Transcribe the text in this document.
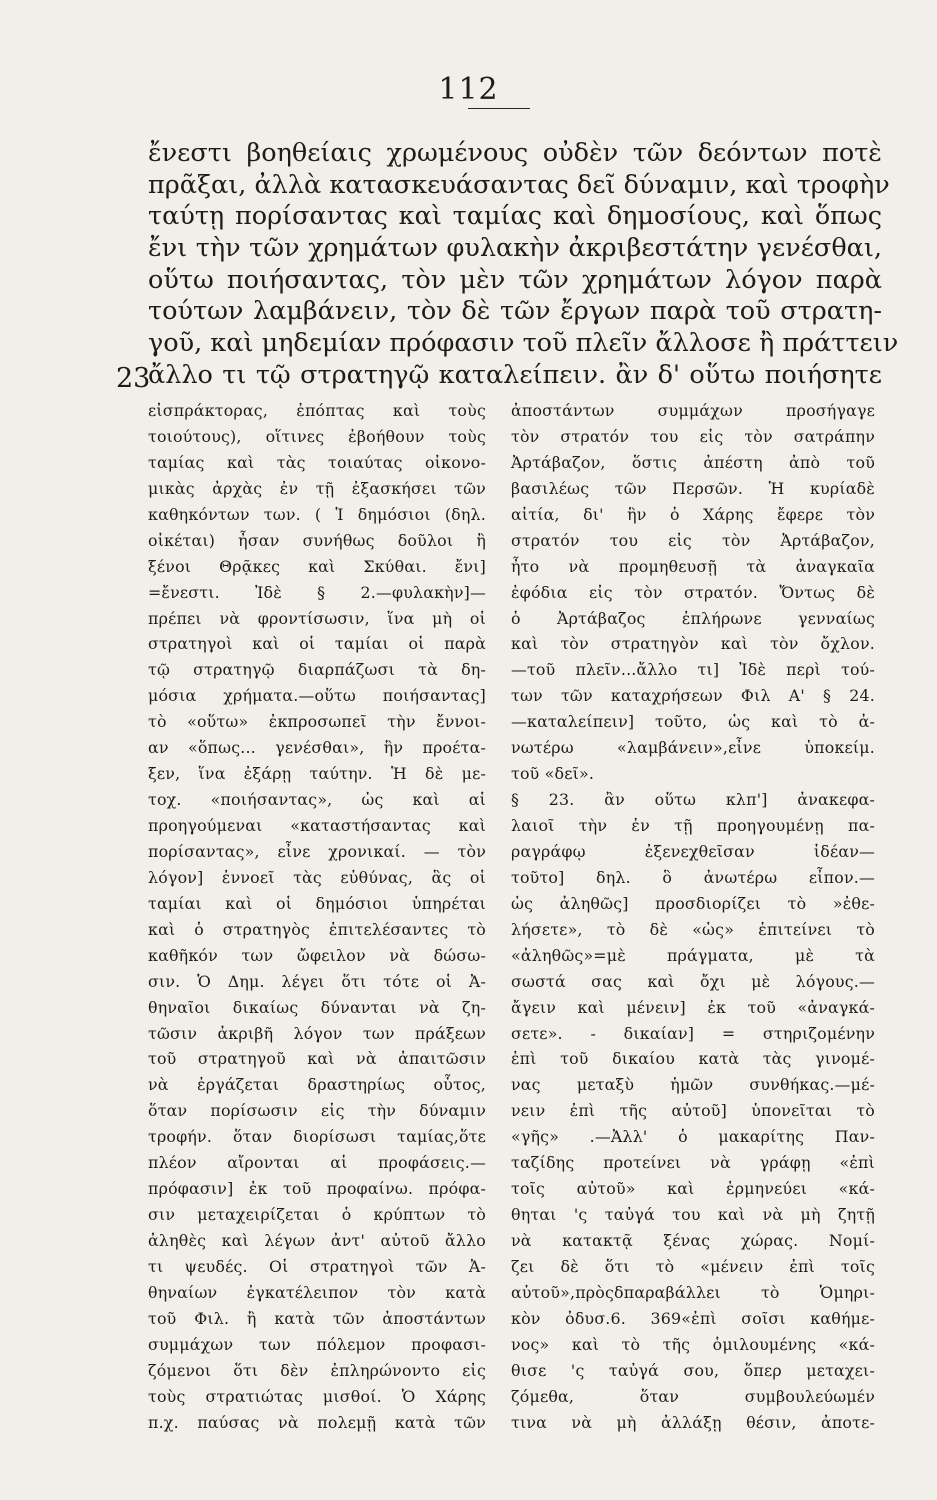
112
23
ἔνεστι βοηθείαις χρωμένους οὐδὲν τῶν δεόντων ποτὲ
πρᾶξαι, ἀλλὰ κατασκευάσαντας δεῖ δύναμιν, καὶ τροφὴν
ταύτῃ πορίσαντας καὶ ταμίας καὶ δημοσίους, καὶ ὅπως
ἔνι τὴν τῶν χρημάτων φυλακὴν ἀκριβεστάτην γενέσθαι,
οὕτω ποιήσαντας, τὸν μὲν τῶν χρημάτων λόγον παρὰ
τούτων λαμβάνειν, τὸν δὲ τῶν ἔργων παρὰ τοῦ στρατη-
γοῦ, καὶ μηδεμίαν πρόφασιν τοῦ πλεῖν ἄλλοσε ἢ πράττειν
ἄλλο τι τῷ στρατηγῷ καταλείπειν. ἂν δ' οὕτω ποιήσητε
εἰσπράκτορας, ἐπόπτας καὶ τοὺς
τοιούτους), οἵτινες ἐβοήθουν τοὺς
ταμίας καὶ τὰς τοιαύτας οἰκονο-
μικὰς ἀρχὰς ἐν τῇ ἐξασκήσει τῶν
καθηκόντων των. ( Ἱ δημόσιοι (δηλ.
οἰκέται) ἦσαν συνήθως δοῦλοι ἢ
ξένοι Θρᾷκες καὶ Σκύθαι. ἔνι]
=ἔνεστι. Ἰδὲ § 2.—φυλακὴν]—
πρέπει νὰ φροντίσωσιν, ἵνα μὴ οἱ
στρατηγοὶ καὶ οἱ ταμίαι οἱ παρὰ
τῷ στρατηγῷ διαρπάζωσι τὰ δη-
μόσια χρήματα.—οὕτω ποιήσαντας]
τὸ «οὕτω» ἐκπροσωπεῖ τὴν ἔννοι-
αν «ὅπως... γενέσθαι», ἣν προέτα-
ξεν, ἵνα ἐξάρῃ ταύτην. Ἡ δὲ με-
τοχ. «ποιήσαντας», ὡς καὶ αἱ
προηγούμεναι «καταστήσαντας καὶ
πορίσαντας», εἶνε χρονικαί. — τὸν
λόγον] ἐννοεῖ τὰς εὐθύνας, ἃς οἱ
ταμίαι καὶ οἱ δημόσιοι ὑπηρέται
καὶ ὁ στρατηγὸς ἐπιτελέσαντες τὸ
καθῆκόν των ὤφειλον νὰ δώσω-
σιν. Ὁ Δημ. λέγει ὅτι τότε οἱ Ἀ-
θηναῖοι δικαίως δύνανται νὰ ζη-
τῶσιν ἀκριβῆ λόγον των πράξεων
τοῦ στρατηγοῦ καὶ νὰ ἀπαιτῶσιν
νὰ ἐργάζεται δραστηρίως οὗτος,
ὅταν πορίσωσιν εἰς τὴν δύναμιν
τροφήν. ὅταν διορίσωσι ταμίας,ὅτε
πλέον αἴρονται αἱ προφάσεις.—
πρόφασιν] ἐκ τοῦ προφαίνω. πρόφα-
σιν μεταχειρίζεται ὁ κρύπτων τὸ
ἀληθὲς καὶ λέγων ἀντ' αὐτοῦ ἄλλο
τι ψευδές. Οἱ στρατηγοὶ τῶν Ἀ-
θηναίων ἐγκατέλειπον τὸν κατὰ
τοῦ Φιλ. ἢ κατὰ τῶν ἀποστάντων
συμμάχων των πόλεμον προφασι-
ζόμενοι ὅτι δὲν ἐπληρώνοντο εἰς
τοὺς στρατιώτας μισθοί. Ὁ Χάρης
π.χ. παύσας νὰ πολεμῇ κατὰ τῶν
ἀποστάντων συμμάχων προσήγαγε
τὸν στρατόν του εἰς τὸν σατράπην
Ἀρτάβαζον, ὅστις ἀπέστη ἀπὸ τοῦ
βασιλέως τῶν Περσῶν. Ἡ κυρίαδὲ
αἰτία, δι' ἣν ὁ Χάρης ἔφερε τὸν
στρατόν του εἰς τὸν Ἀρτάβαζον,
ἦτο νὰ προμηθευσῇ τὰ ἀναγκαῖα
ἐφόδια εἰς τὸν στρατόν. Ὄντως δὲ
ὁ Ἀρτάβαζος ἐπλήρωνε γενναίως
καὶ τὸν στρατηγὸν καὶ τὸν ὄχλον.
—τοῦ πλεῖν...ἄλλο τι] Ἰδὲ περὶ τού-
των τῶν καταχρήσεων Φιλ Α' § 24.
—καταλείπειν] τοῦτο, ὡς καὶ τὸ ἀ-
νωτέρω «λαμβάνειν»,εἶνε ὑποκείμ.
τοῦ «δεῖ».
§ 23. ἂν οὕτω κλπ'] ἀνακεφα-
λαιοῖ τὴν ἐν τῇ προηγουμένῃ πα-
ραγράφῳ ἐξενεχθεῖσαν ἰδέαν—
τοῦτο] δηλ. ὃ ἀνωτέρω εἶπον.—
ὡς ἀληθῶς] προσδιορίζει τὸ »ἐθε-
λήσετε», τὸ δὲ «ὡς» ἐπιτείνει τὸ
«ἀληθῶς»=μὲ πράγματα, μὲ τὰ
σωστά σας καὶ ὄχι μὲ λόγους.—
ἄγειν καὶ μένειν] ἐκ τοῦ «ἀναγκά-
σετε». - δικαίαν] = στηριζομένην
ἐπὶ τοῦ δικαίου κατὰ τὰς γινομέ-
νας μεταξὺ ἡμῶν συνθήκας.—μέ-
νειν ἐπὶ τῆς αὐτοῦ] ὑπονεῖται τὸ
«γῆς» .—Ἀλλ' ὁ μακαρίτης Παν-
ταζίδης προτείνει νὰ γράφῃ «ἐπὶ
τοῖς αὐτοῦ» καὶ ἑρμηνεύει «κά-
θηται 'ς ταὐγά του καὶ νὰ μὴ ζητῇ
νὰ κατακτᾷ ξένας χώρας. Νομί-
ζει δὲ ὅτι τὸ «μένειν ἐπὶ τοῖς
αὐτοῦ»,πρὸςδπαραβάλλει τὸ Ὁμηρι-
κὸν ὀδυσ.6. 369«ἐπὶ σοῖσι καθήμε-
νος» καὶ τὸ τῆς ὁμιλουμένης «κά-
θισε 'ς ταὐγά σου, ὅπερ μεταχει-
ζόμεθα, ὅταν συμβουλεύωμέν
τινα νὰ μὴ ἀλλάξῃ θέσιν, ἀποτε-
